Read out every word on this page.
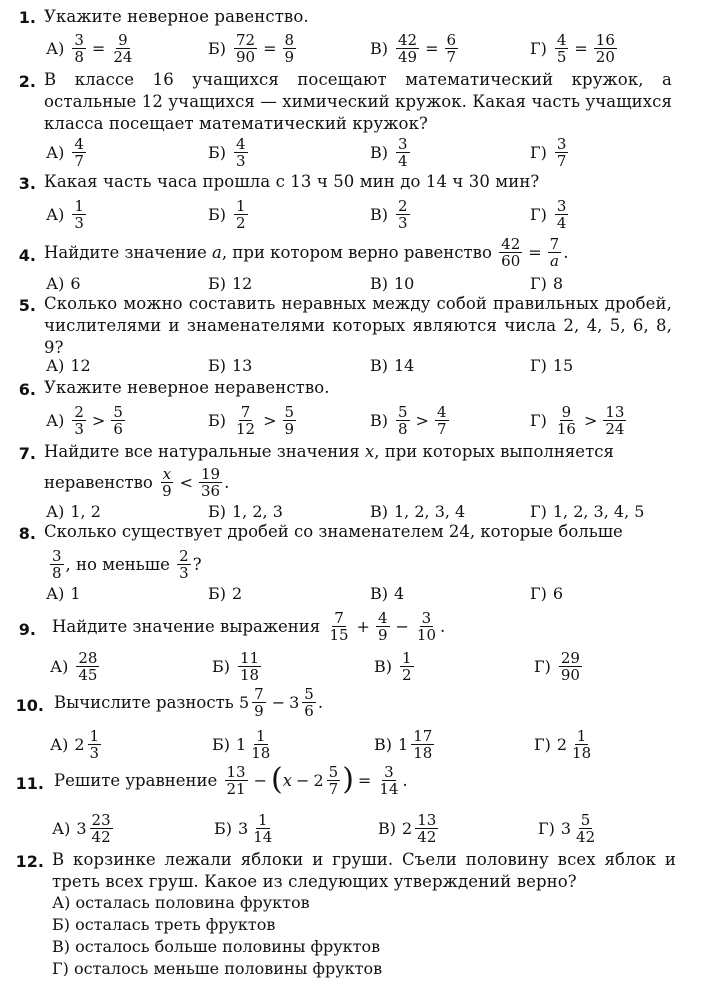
1. Укажите неверное равенство.
$А) \frac{3}{8} = \frac{9}{24}$	$Б) \frac{72}{90} = \frac{8}{9}$	$В) \frac{42}{49} = \frac{6}{7}$	$Г) \frac{4}{5} = \frac{16}{20}$
2. В классе 16 учащихся посещают математический кружок, а остальные 12 учащихся — химический кружок. Какая часть учащихся класса посещает математический кружок?
$А) \frac{4}{7}$	$Б) \frac{4}{3}$	$В) \frac{3}{4}$	$Г) \frac{3}{7}$
3. Какая часть часа прошла с 13 ч 50 мин до 14 ч 30 мин?
$А) \frac{1}{3}$	$Б) \frac{1}{2}$	$В) \frac{2}{3}$	$Г) \frac{3}{4}$
4. Найдите значение
a , при котором верно равенство
$\frac{42}{60} = \frac{7}{a}$ .
А) 6	Б) 12	В) 10	Г) 8
5. Сколько можно составить неравных между собой правильных дробей, числителями и знаменателями которых являются числа 2, 4, 5, 6, 8, 9?
А) 12	Б) 13	В) 14	Г) 15
6. Укажите неверное неравенство.
$А) \frac{2}{3} > \frac{5}{6}$	$Б) \frac{7}{12} > \frac{5}{9}$	$В) \frac{5}{8} > \frac{4}{7}$	$Г) \frac{9}{16} > \frac{13}{24}$
7. Найдите все натуральные значения
x , при которых выполняется
неравенство
$\frac{x}{9} < \frac{19}{36}$ .
А) 1, 2	Б) 1, 2, 3	В) 1, 2, 3, 4	Г) 1, 2, 3, 4, 5
8. Сколько существует дробей со знаменателем 24, которые больше
$\frac{3}{8}$ , но меньше
$\frac{2}{3}$ ?
А) 1	Б) 2	В) 4	Г) 6
9. Найдите значение выражения
$\frac{7}{15} + \frac{4}{9} - \frac{3}{10}$ .
$А) \frac{28}{45}$	$Б) \frac{11}{18}$	$В) \frac{1}{2}$	$Г) \frac{29}{90}$
10. Вычислите разность
$5 \frac{7}{9} - 3 \frac{5}{6}$ .
А) $2 \frac{1}{3}$	Б) $1 \frac{1}{18}$	В) $1 \frac{17}{18}$	Г) $2 \frac{1}{18}$
11. Решите уравнение
$\frac{13}{21}$ − ( $x - 2 \frac{5}{7}$ ) = $\frac{3}{14}$ .
А) $3 \frac{23}{42}$	Б) $3 \frac{1}{14}$	В) $2 \frac{13}{42}$	Г) $3 \frac{5}{42}$
12. В корзинке лежали яблоки и груши. Съели половину всех яблок и треть всех груш. Какое из следующих утверждений верно?
А) осталась половина фруктов
Б) осталась треть фруктов
В) осталось больше половины фруктов
Г) осталось меньше половины фруктов
